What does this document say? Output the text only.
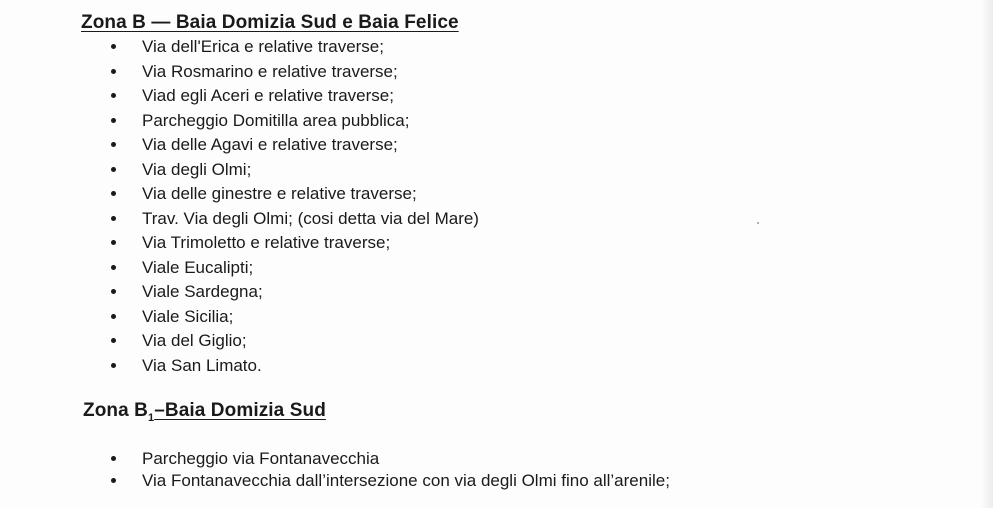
Zona B — Baia Domizia Sud e Baia Felice
Via dell'Erica e relative traverse;
Via Rosmarino e relative traverse;
Viad egli Aceri e relative traverse;
Parcheggio Domitilla area pubblica;
Via delle Agavi e relative traverse;
Via degli Olmi;
Via delle ginestre e relative traverse;
Trav. Via degli Olmi; (cosi detta via del Mare)
Via Trimoletto e relative traverse;
Viale Eucalipti;
Viale Sardegna;
Viale Sicilia;
Via del Giglio;
Via San Limato.
Zona $B_1$–Baia Domizia Sud
Parcheggio via Fontanavecchia
Via Fontanavecchia dall’intersezione con via degli Olmi fino all’arenile;
